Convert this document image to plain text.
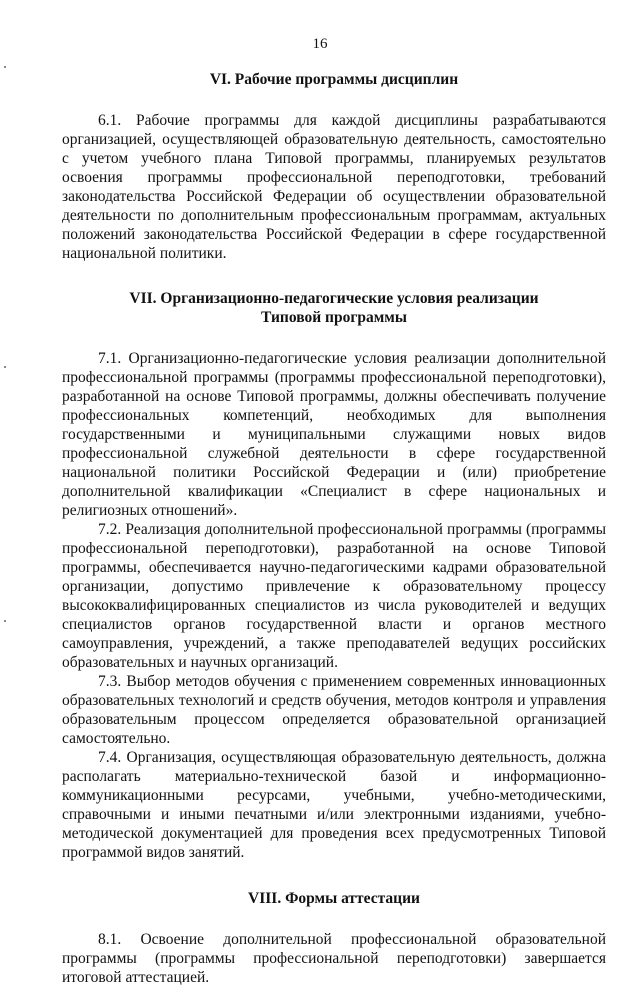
16
VI. Рабочие программы дисциплин

6.1. Рабочие программы для каждой дисциплины разрабатываются организацией, осуществляющей образовательную деятельность, самостоятельно с учетом учебного плана Типовой программы, планируемых результатов освоения программы профессиональной переподготовки, требований законодательства Российской Федерации об осуществлении образовательной деятельности по дополнительным профессиональным программам, актуальных положений законодательства Российской Федерации в сфере государственной национальной политики.

VII. Организационно-педагогические условия реализации
Типовой программы

7.1. Организационно-педагогические условия реализации дополнительной профессиональной программы (программы профессиональной переподготовки), разработанной на основе Типовой программы, должны обеспечивать получение профессиональных компетенций, необходимых для выполнения государственными и муниципальными служащими новых видов профессиональной служебной деятельности в сфере государственной национальной политики Российской Федерации и (или) приобретение дополнительной квалификации «Специалист в сфере национальных и религиозных отношений».

7.2. Реализация дополнительной профессиональной программы (программы профессиональной переподготовки), разработанной на основе Типовой программы, обеспечивается научно-педагогическими кадрами образовательной организации, допустимо привлечение к образовательному процессу высококвалифицированных специалистов из числа руководителей и ведущих специалистов органов государственной власти и органов местного самоуправления, учреждений, а также преподавателей ведущих российских образовательных и научных организаций.

7.3. Выбор методов обучения с применением современных инновационных образовательных технологий и средств обучения, методов контроля и управления образовательным процессом определяется образовательной организацией самостоятельно.

7.4. Организация, осуществляющая образовательную деятельность, должна располагать материально-технической базой и информационно-коммуникационными ресурсами, учебными, учебно-методическими, справочными и иными печатными и/или электронными изданиями, учебно-методической документацией для проведения всех предусмотренных Типовой программой видов занятий.

VIII. Формы аттестации

8.1. Освоение дополнительной профессиональной образовательной программы (программы профессиональной переподготовки) завершается итоговой аттестацией.
